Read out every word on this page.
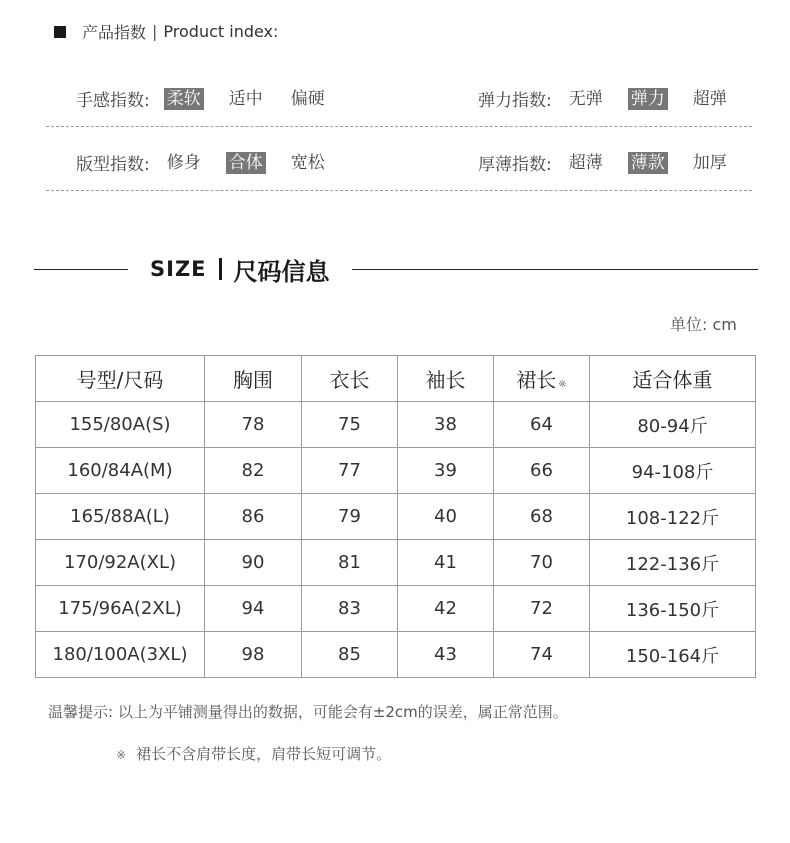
产品指数 | Product index:
手感指数: 柔软 适中 偏硬	弹力指数: 无弹 弹力 超弹
版型指数: 修身 合体 宽松	厚薄指数: 超薄 薄款 加厚
SIZE 尺码信息
单位: cm
号型/尺码	胸围	衣长	袖长	裙长 ※	适合体重
155/80A(S)	78	75	38	64	80-94斤
160/84A(M)	82	77	39	66	94-108斤
165/88A(L)	86	79	40	68	108-122斤
170/92A(XL)	90	81	41	70	122-136斤
175/96A(2XL)	94	83	42	72	136-150斤
180/100A(3XL)	98	85	43	74	150-164斤
温馨提示: 以上为平铺测量得出的数据，可能会有±2cm的误差，属正常范围。
※ 裙长不含肩带长度，肩带长短可调节。
